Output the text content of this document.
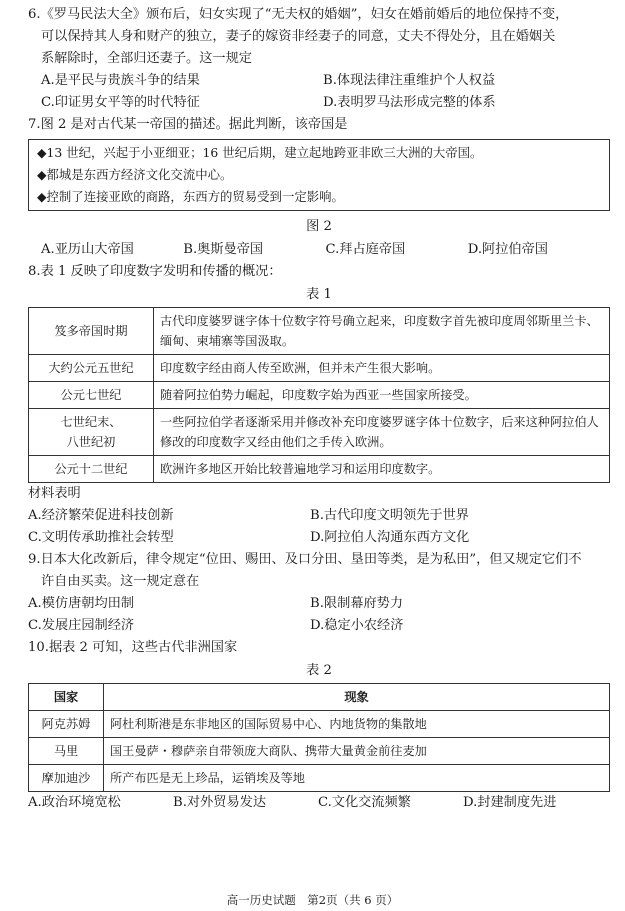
6.《罗马民法大全》颁布后，妇女实现了“无夫权的婚姻”，妇女在婚前婚后的地位保持不变，
可以保持其人身和财产的独立，妻子的嫁资非经妻子的同意，丈夫不得处分，且在婚姻关
系解除时，全部归还妻子。这一规定
A.是平民与贵族斗争的结果	B.体现法律注重维护个人权益
C.印证男女平等的时代特征	D.表明罗马法形成完整的体系
7.图 2 是对古代某一帝国的描述。据此判断，该帝国是
◆13 世纪，兴起于小亚细亚；16 世纪后期，建立起地跨亚非欧三大洲的大帝国。
◆都城是东西方经济文化交流中心。
◆控制了连接亚欧的商路，东西方的贸易受到一定影响。
图 2
A.亚历山大帝国	B.奥斯曼帝国	C.拜占庭帝国	D.阿拉伯帝国
8.表 1 反映了印度数字发明和传播的概况：
表 1
笈多帝国时期	古代印度婆罗谜字体十位数字符号确立起来，印度数字首先被印度周邻斯里兰卡、缅甸、柬埔寨等国汲取。
大约公元五世纪	印度数字经由商人传至欧洲，但并未产生很大影响。
公元七世纪	随着阿拉伯势力崛起，印度数字始为西亚一些国家所接受。

七世纪末、
八世纪初	一些阿拉伯学者逐渐采用并修改补充印度婆罗谜字体十位数字，后来这种阿拉伯人修改的印度数字又经由他们之手传入欧洲。
公元十二世纪	欧洲许多地区开始比较普遍地学习和运用印度数字。
材料表明
A.经济繁荣促进科技创新	B.古代印度文明领先于世界
C.文明传承助推社会转型	D.阿拉伯人沟通东西方文化
9.日本大化改新后，律令规定“位田、赐田、及口分田、垦田等类，是为私田”，但又规定它们不
许自由买卖。这一规定意在
A.模仿唐朝均田制	B.限制幕府势力
C.发展庄园制经济	D.稳定小农经济
10.据表 2 可知，这些古代非洲国家
表 2
国家	现象
阿克苏姆	阿杜利斯港是东非地区的国际贸易中心、内地货物的集散地
马里	国王曼萨・穆萨亲自带领庞大商队、携带大量黄金前往麦加
摩加迪沙	所产布匹是无上珍品，运销埃及等地
A.政治环境宽松	B.对外贸易发达	C.文化交流频繁	D.封建制度先进
高一历史试题　第2页（共 6 页）
